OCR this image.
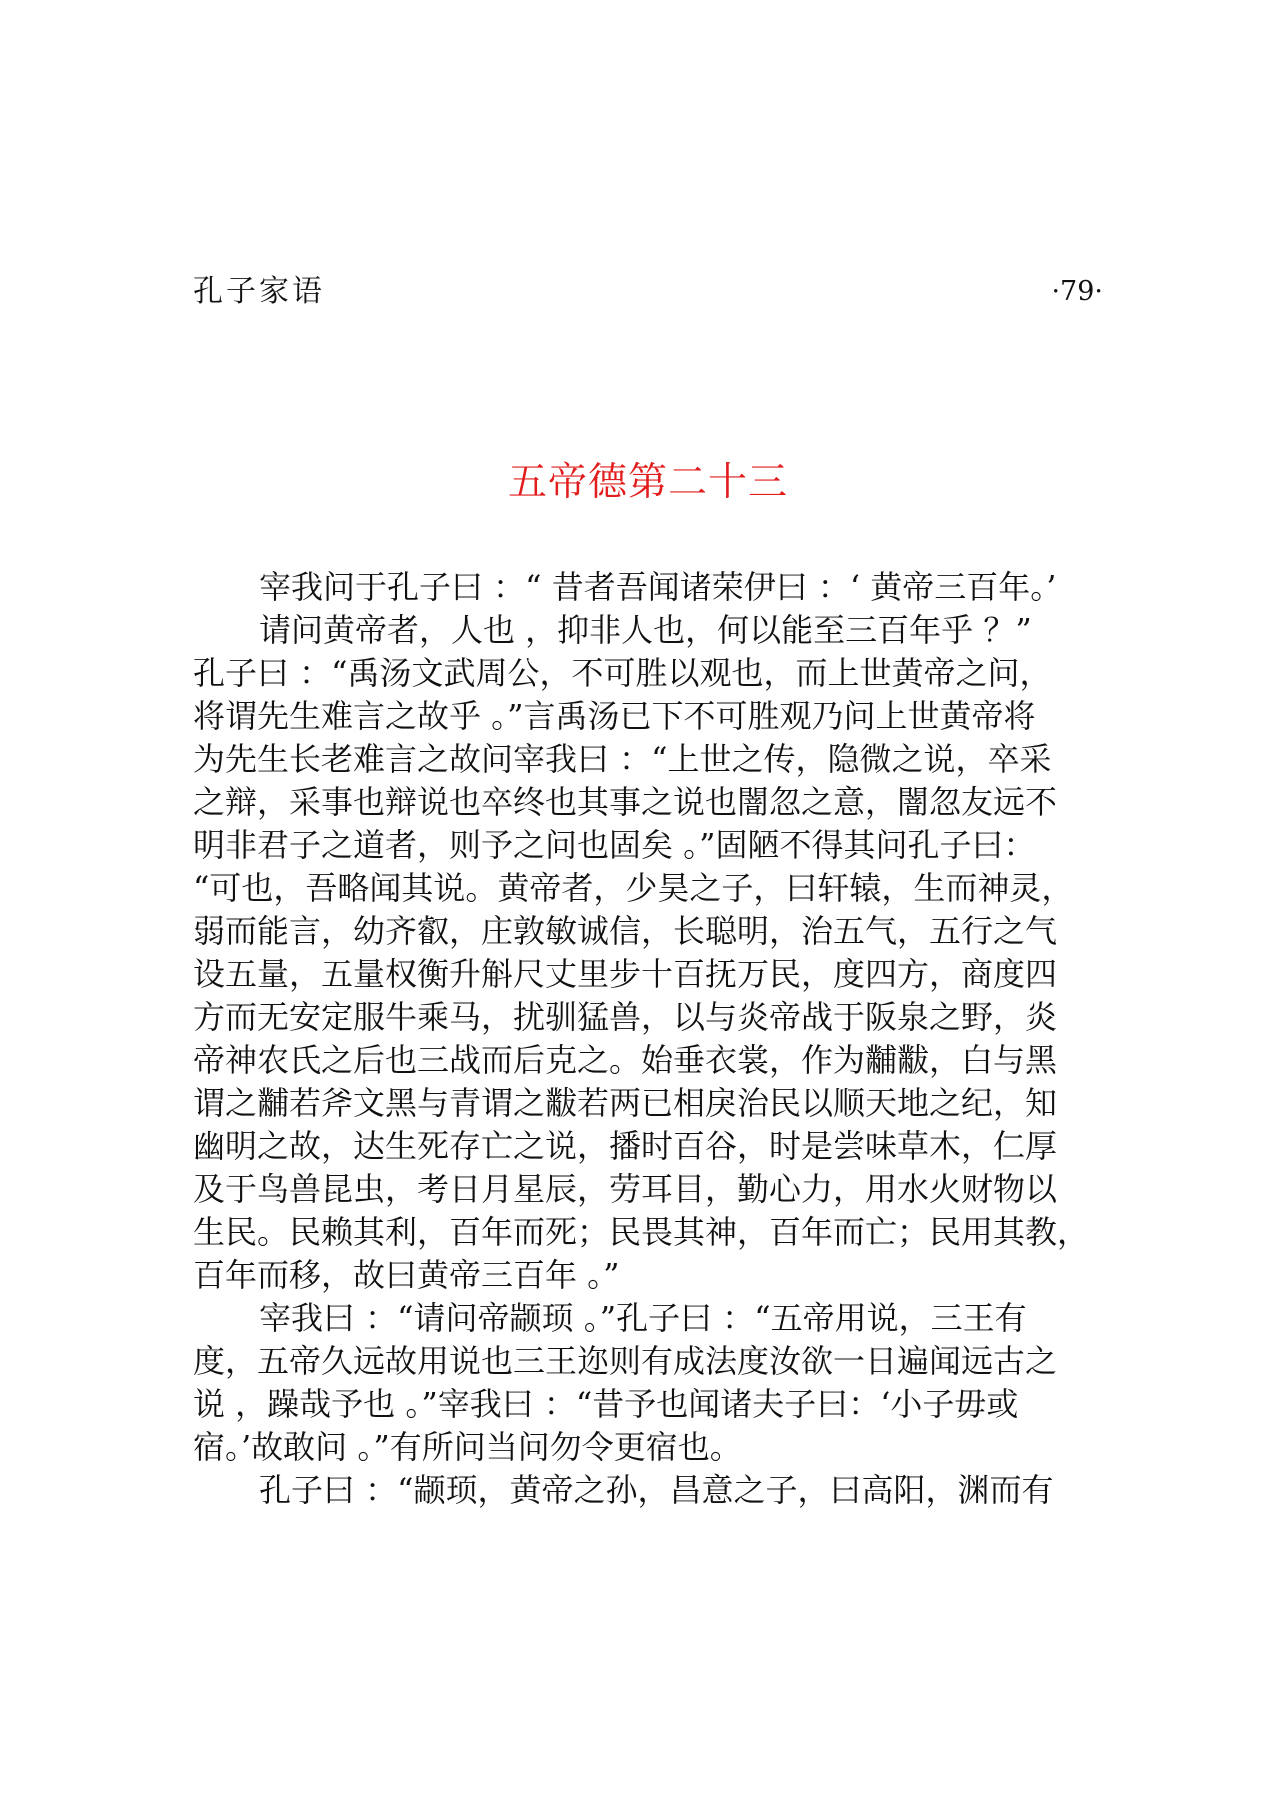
孔子家语	·79·
五帝德第二十三
宰我问于孔子曰 ：“ 昔者吾闻诸荣伊曰 ：‘ 黄帝三百年。’
请问黄帝者，人也 ，抑非人也，何以能至三百年乎 ？”
孔子曰 ：“禹汤文武周公，不可胜以观也，而上世黄帝之问，
将谓先生难言之故乎 。”言禹汤已下不可胜观乃问上世黄帝将
为先生长老难言之故问宰我曰 ：“上世之传，隐微之说，卒采
之辩，采事也辩说也卒终也其事之说也闇忽之意，闇忽友远不
明非君子之道者，则予之问也固矣 。”固陋不得其问孔子曰：
“可也，吾略闻其说。黄帝者，少昊之子，曰轩辕，生而神灵，
弱而能言，幼齐叡，庄敦敏诚信，长聪明，治五气，五行之气
设五量，五量权衡升斛尺丈里步十百抚万民，度四方，商度四
方而无安定服牛乘马，扰驯猛兽，以与炎帝战于阪泉之野，炎
帝神农氏之后也三战而后克之。始垂衣裳，作为黼黻，白与黑
谓之黼若斧文黑与青谓之黻若两已相戾治民以顺天地之纪，知
幽明之故，达生死存亡之说，播时百谷，时是尝味草木，仁厚
及于鸟兽昆虫，考日月星辰，劳耳目，勤心力，用水火财物以
生民。民赖其利，百年而死；民畏其神，百年而亡；民用其教，
百年而移，故曰黄帝三百年 。”
宰我曰 ：“请问帝颛顼 。”孔子曰 ：“五帝用说，三王有
度，五帝久远故用说也三王迩则有成法度汝欲一日遍闻远古之
说 ，躁哉予也 。”宰我曰 ：“昔予也闻诸夫子曰：‘小子毋或
宿。’故敢问 。”有所问当问勿令更宿也。
孔子曰 ：“颛顼，黄帝之孙，昌意之子，曰高阳，渊而有
